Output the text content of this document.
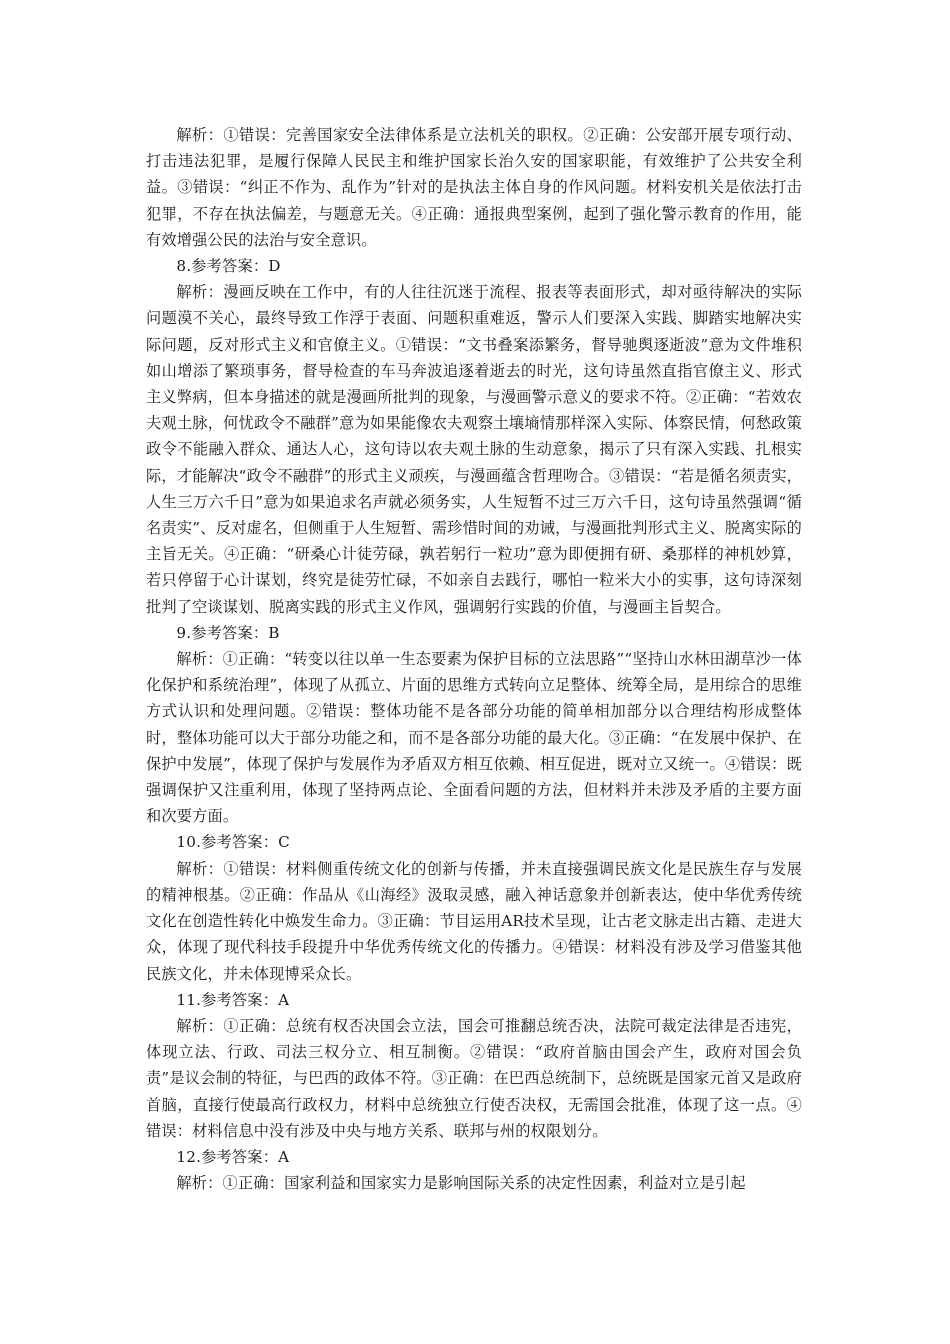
解析：①错误：完善国家安全法律体系是立法机关的职权。②正确：公安部开展专项行动、打击违法犯罪，是履行保障人民民主和维护国家长治久安的国家职能，有效维护了公共安全利益。③错误：“纠正不作为、乱作为”针对的是执法主体自身的作风问题。材料安机关是依法打击犯罪，不存在执法偏差，与题意无关。④正确：通报典型案例，起到了强化警示教育的作用，能有效增强公民的法治与安全意识。

8.参考答案：D

解析：漫画反映在工作中，有的人往往沉迷于流程、报表等表面形式，却对亟待解决的实际问题漠不关心，最终导致工作浮于表面、问题积重难返，警示人们要深入实践、脚踏实地解决实际问题，反对形式主义和官僚主义。①错误：“文书叠案添繁务，督导驰舆逐逝波”意为文件堆积如山增添了繁琐事务，督导检查的车马奔波追逐着逝去的时光，这句诗虽然直指官僚主义、形式主义弊病，但本身描述的就是漫画所批判的现象，与漫画警示意义的要求不符。②正确：“若效农夫观土脉，何忧政令不融群”意为如果能像农夫观察土壤墒情那样深入实际、体察民情，何愁政策政令不能融入群众、通达人心，这句诗以农夫观土脉的生动意象，揭示了只有深入实践、扎根实际，才能解决“政令不融群”的形式主义顽疾，与漫画蕴含哲理吻合。③错误：“若是循名须责实，人生三万六千日”意为如果追求名声就必须务实，人生短暂不过三万六千日，这句诗虽然强调“循名责实”、反对虚名，但侧重于人生短暂、需珍惜时间的劝诫，与漫画批判形式主义、脱离实际的主旨无关。④正确：“研桑心计徒劳碌，孰若躬行一粒功”意为即便拥有研、桑那样的神机妙算，若只停留于心计谋划，终究是徒劳忙碌，不如亲自去践行，哪怕一粒米大小的实事，这句诗深刻批判了空谈谋划、脱离实践的形式主义作风，强调躬行实践的价值，与漫画主旨契合。

9.参考答案：B

解析：①正确：“转变以往以单一生态要素为保护目标的立法思路”“坚持山水林田湖草沙一体化保护和系统治理”，体现了从孤立、片面的思维方式转向立足整体、统筹全局，是用综合的思维方式认识和处理问题。②错误：整体功能不是各部分功能的简单相加部分以合理结构形成整体时，整体功能可以大于部分功能之和，而不是各部分功能的最大化。③正确：“在发展中保护、在保护中发展”，体现了保护与发展作为矛盾双方相互依赖、相互促进，既对立又统一。④错误：既强调保护又注重利用，体现了坚持两点论、全面看问题的方法，但材料并未涉及矛盾的主要方面和次要方面。

10.参考答案：C

解析：①错误：材料侧重传统文化的创新与传播，并未直接强调民族文化是民族生存与发展的精神根基。②正确：作品从《山海经》汲取灵感，融入神话意象并创新表达，使中华优秀传统文化在创造性转化中焕发生命力。③正确：节目运用AR技术呈现，让古老文脉走出古籍、走进大众，体现了现代科技手段提升中华优秀传统文化的传播力。④错误：材料没有涉及学习借鉴其他民族文化，并未体现博采众长。

11.参考答案：A

解析：①正确：总统有权否决国会立法，国会可推翻总统否决，法院可裁定法律是否违宪，体现立法、行政、司法三权分立、相互制衡。②错误：“政府首脑由国会产生，政府对国会负责”是议会制的特征，与巴西的政体不符。③正确：在巴西总统制下，总统既是国家元首又是政府首脑，直接行使最高行政权力，材料中总统独立行使否决权，无需国会批准，体现了这一点。④错误：材料信息中没有涉及中央与地方关系、联邦与州的权限划分。

12.参考答案：A

解析：①正确：国家利益和国家实力是影响国际关系的决定性因素，利益对立是引起
